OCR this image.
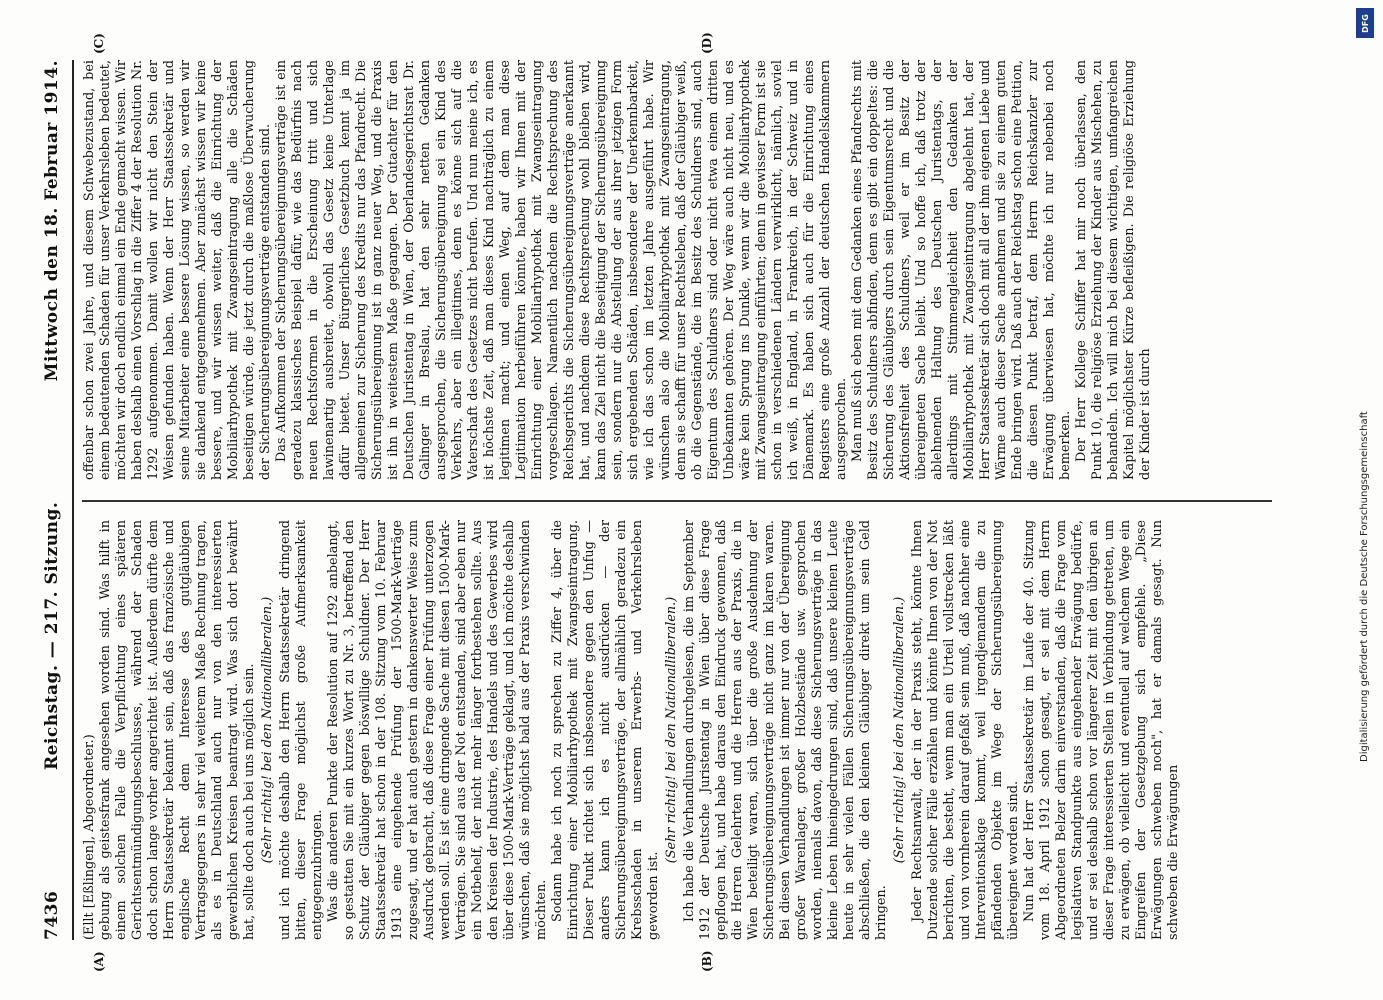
7436
Reichstag. — 217. Sitzung.
Mittwoch den 18. Februar 1914.
(A)	(B)
(C)	(D)

(Ellt [Eßlingen], Abgeordneter.) gebung als geistesfrank angesehen worden sind. Was hilft in einem solchen Falle die Verpflichtung eines späteren Gerichtsentmündigungsbeschlusses, während der Schaden doch schon lange vorher angerichtet ist. Außerdem dürfte dem Herrn Staatssekretär bekannt sein, daß das französische und englische Recht dem Interesse des gutgläubigen Vertragsgegners in sehr viel weiterem Maße Rechnung tragen, als es in Deutschland auch nur von den interessierten gewerblichen Kreisen beantragt wird. Was sich dort bewährt hat, sollte doch auch bei uns möglich sein. (Sehr richtig! bei den Nationalliberalen.) und ich möchte deshalb den Herrn Staatssekretär dringend bitten, dieser Frage möglichst große Aufmerksamkeit entgegenzubringen. Was die anderen Punkte der Resolution auf 1292 anbelangt, so gestatten Sie mit ein kurzes Wort zu Nr. 3, betreffend den Schutz der Gläubiger gegen böswillige Schuldner. Der Herr Staatssekretär hat schon in der 108. Sitzung vom 10. Februar 1913 eine eingehende Prüfung der 1500-Mark-Verträge zugesagt, und er hat auch gestern in dankenswerter Weise zum Ausdruck gebracht, daß diese Frage einer Prüfung unterzogen werden soll. Es ist eine dringende Sache mit diesen 1500-Mark-Verträgen. Sie sind aus der Not entstanden, sind aber eben nur ein Notbehelf, der nicht mehr länger fortbestehen sollte. Aus den Kreisen der Industrie, des Handels und des Gewerbes wird über diese 1500-Mark-Verträge geklagt, und ich möchte deshalb wünschen, daß sie möglichst bald aus der Praxis verschwinden möchten. Sodann habe ich noch zu sprechen zu Ziffer 4, über die Einrichtung einer Mobiliarhypothek mit Zwangseintragung. Dieser Punkt richtet sich insbesondere gegen den Unfug — anders kann ich es nicht ausdrücken — der Sicherungsübereignungsverträge, der allmählich geradezu ein Krebsschaden in unserem Erwerbs- und Verkehrsleben geworden ist.

(Sehr richtig! bei den Nationalliberalen.) Ich habe die Verhandlungen durchgelesen, die im September 1912 der Deutsche Juristentag in Wien über diese Frage gepflogen hat, und habe daraus den Eindruck gewonnen, daß die Herren Gelehrten und die Herren aus der Praxis, die in Wien beteiligt waren, sich über die große Ausdehnung der Sicherungsübereignungsverträge nicht ganz im klaren waren. Bei diesen Verhandlungen ist immer nur von der Übereignung großer Warenlager, großer Holzbestände usw. gesprochen worden, niemals davon, daß diese Sicherungsverträge in das kleine Leben hineingedrungen sind, daß unsere kleinen Leute heute in sehr vielen Fällen Sicherungsübereignungsverträge abschließen, die den kleinen Gläubiger direkt um sein Geld bringen.

(Sehr richtig! bei den Nationalliberalen.) Jeder Rechtsanwalt, der in der Praxis steht, könnte Ihnen Dutzende solcher Fälle erzählen und könnte Ihnen von der Not berichten, die besteht, wenn man ein Urteil vollstrecken läßt und von vornherein darauf gefaßt sein muß, daß nachher eine Interventionsklage kommt, weil irgendjemandem die zu pfändenden Objekte im Wege der Sicherungsübereignung übereignet worden sind. Nun hat der Herr Staatssekretär im Laufe der 40. Sitzung vom 18. April 1912 schon gesagt, er sei mit dem Herrn Abgeordneten Belzer darin einverstanden, daß die Frage vom legislativen Standpunkte aus eingehender Erwägung bedürfe, und er sei deshalb schon vor längerer Zeit mit den übrigen an dieser Frage interessierten Stellen in Verbindung getreten, um zu erwägen, ob vielleicht und eventuell auf welchem Wege ein Eingreifen der Gesetzgebung sich empfehle. „Diese Erwägungen schweben noch", hat er damals gesagt. Nun schweben die Erwägungen

offenbar schon zwei Jahre, und diesem Schwebezustand, bei einem bedeutenden Schaden für unser Verkehrsleben bedeutet, möchten wir doch endlich einmal ein Ende gemacht wissen. Wir haben deshalb einen Vorschlag in die Ziffer 4 der Resolution Nr. 1292 aufgenommen. Damit wollen wir nicht den Stein der Weisen gefunden haben. Wenn der Herr Staatssekretär und seine Mitarbeiter eine bessere Lösung wissen, so werden wir sie dankend entgegennehmen. Aber zunächst wissen wir keine bessere, und wir wissen weiter, daß die Einrichtung der Mobiliarhypothek mit Zwangseintragung alle die Schäden beseitigen würde, die jetzt durch die maßlose Überwucherung der Sicherungsübereignungsverträge entstanden sind. Das Aufkommen der Sicherungsübereignungsverträge ist ein geradezu klassisches Beispiel dafür, wie das Bedürfnis nach neuen Rechtsformen in die Erscheinung tritt und sich lawinenartig ausbreitet, obwohl das Gesetz keine Unterlage dafür bietet. Unser Bürgerliches Gesetzbuch kennt ja im allgemeinen zur Sicherung des Kredits nur das Pfandrecht. Die Sicherungsübereignung ist in ganz neuer Weg, und die Praxis ist ihn in weitestem Maße gegangen. Der Gutachter für den Deutschen Juristentag in Wien, der Oberlandesgerichtsrat Dr. Galinger in Breslau, hat den sehr netten Gedanken ausgesprochen, die Sicherungsübereignung sei ein Kind des Verkehrs, aber ein illegitimes, denn es könne sich auf die Vaterschaft des Gesetzes nicht berufen. Und nun meine ich, es ist höchste Zeit, daß man dieses Kind nachträglich zu einem legitimen macht; und einen Weg, auf dem man diese Legitimation herbeiführen könnte, haben wir Ihnen mit der Einrichtung einer Mobiliarhypothek mit Zwangseintragung vorgeschlagen. Namentlich nachdem die Rechtsprechung des Reichsgerichts die Sicherungsübereignungsverträge anerkannt hat, und nachdem diese Rechtsprechung wohl bleiben wird, kann das Ziel nicht die Beseitigung der Sicherungsübereignung sein, sondern nur die Abstellung der aus ihrer jetzigen Form sich ergebenden Schäden, insbesondere der Unerkennbarkeit, wie ich das schon im letzten Jahre ausgeführt habe. Wir wünschen also die Mobiliarhypothek mit Zwangseintragung, denn sie schafft für unser Rechtsleben, daß der Gläubiger weiß, ob die Gegenstände, die im Besitz des Schuldners sind, auch Eigentum des Schuldners sind oder nicht etwa einem dritten Unbekannten gehören. Der Weg wäre auch nicht neu, und es wäre kein Sprung ins Dunkle, wenn wir die Mobiliarhypothek mit Zwangseintragung einführten; denn in gewisser Form ist sie schon in verschiedenen Ländern verwirklicht, nämlich, soviel ich weiß, in England, in Frankreich, in der Schweiz und in Dänemark. Es haben sich auch für die Einrichtung eines Registers eine große Anzahl der deutschen Handelskammern ausgesprochen. Man muß sich eben mit dem Gedanken eines Pfandrechts mit Besitz des Schuldners abfinden, denn es gibt ein doppeltes: die Sicherung des Gläubigers durch sein Eigentumsrecht und die Aktionsfreiheit des Schuldners, weil er im Besitz der übereigneten Sache bleibt. Und so hoffe ich, daß trotz der ablehnenden Haltung des Deutschen Juristentags, der allerdings mit Stimmengleichheit den Gedanken der Mobiliarhypothek mit Zwangseintragung abgelehnt hat, der Herr Staatssekretär sich doch mit all der ihm eigenen Liebe und Wärme auch dieser Sache annehmen und sie zu einem guten Ende bringen wird. Daß auch der Reichstag schon eine Petition, die diesen Punkt betraf, dem Herrn Reichskanzler zur Erwägung überwiesen hat, möchte ich nur nebenbei noch bemerken. Der Herr Kollege Schiffer hat mir noch überlassen, den Punkt 10, die religiöse Erziehung der Kinder aus Mischehen, zu behandeln. Ich will mich bei diesem wichtigen, umfangreichen Kapitel möglichster Kürze befleißigen. Die religiöse Erziehung der Kinder ist durch

DFG
Digitalisierung gefördert durch die Deutsche Forschungsgemeinschaft
